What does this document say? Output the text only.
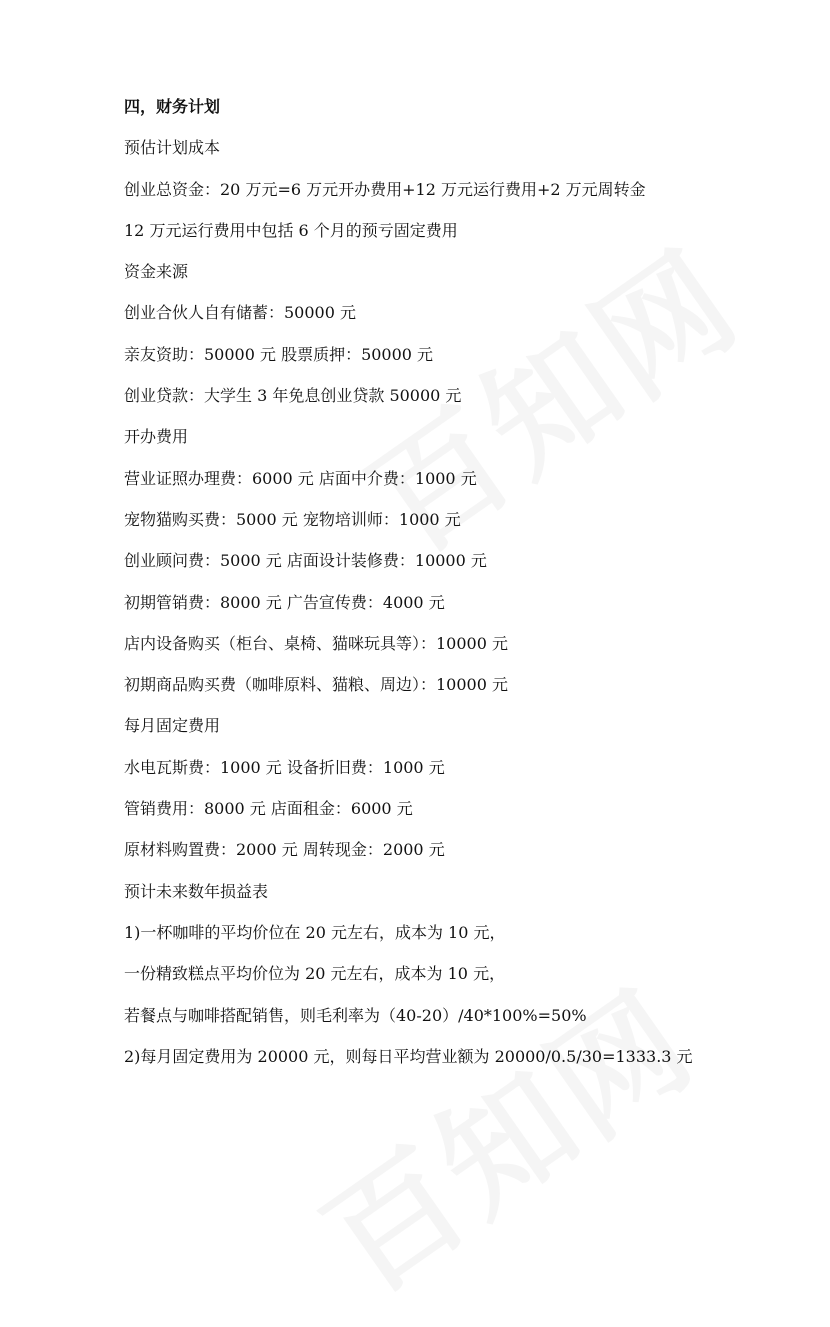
四，财务计划
预估计划成本
创业总资金：20 万元=6 万元开办费用+12 万元运行费用+2 万元周转金
12 万元运行费用中包括 6 个月的预亏固定费用
资金来源
创业合伙人自有储蓄：50000 元
亲友资助：50000 元 股票质押：50000 元
创业贷款：大学生 3 年免息创业贷款 50000 元
开办费用
营业证照办理费：6000 元 店面中介费：1000 元
宠物猫购买费：5000 元 宠物培训师：1000 元
创业顾问费：5000 元 店面设计装修费：10000 元
初期管销费：8000 元 广告宣传费：4000 元
店内设备购买（柜台、桌椅、猫咪玩具等）：10000 元
初期商品购买费（咖啡原料、猫粮、周边）：10000 元
每月固定费用
水电瓦斯费：1000 元 设备折旧费：1000 元
管销费用：8000 元 店面租金：6000 元
原材料购置费：2000 元 周转现金：2000 元
预计未来数年损益表
1)一杯咖啡的平均价位在 20 元左右，成本为 10 元，
一份精致糕点平均价位为 20 元左右，成本为 10 元，
若餐点与咖啡搭配销售，则毛利率为（40-20）/40*100%=50%
2)每月固定费用为 20000 元，则每日平均营业额为 20000/0.5/30=1333.3 元
